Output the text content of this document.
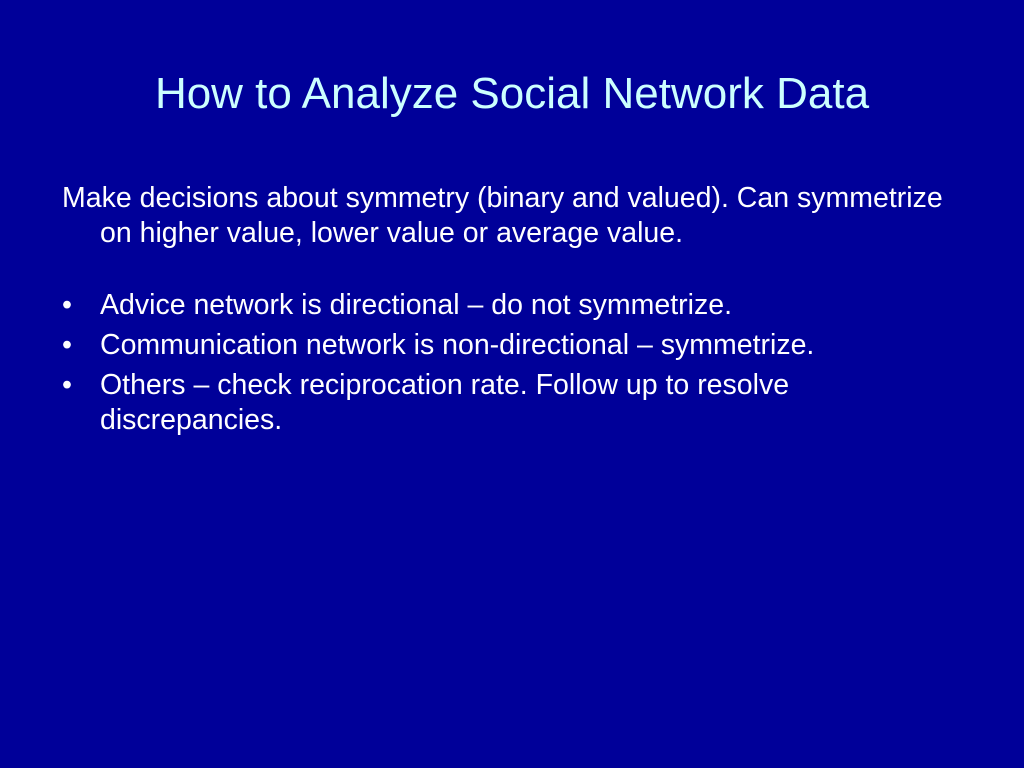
How to Analyze Social Network Data

Make decisions about symmetry (binary and valued). Can symmetrize on higher value, lower value or average value.

• Advice network is directional – do not symmetrize.
• Communication network is non-directional – symmetrize.
• Others – check reciprocation rate. Follow up to resolve discrepancies.
